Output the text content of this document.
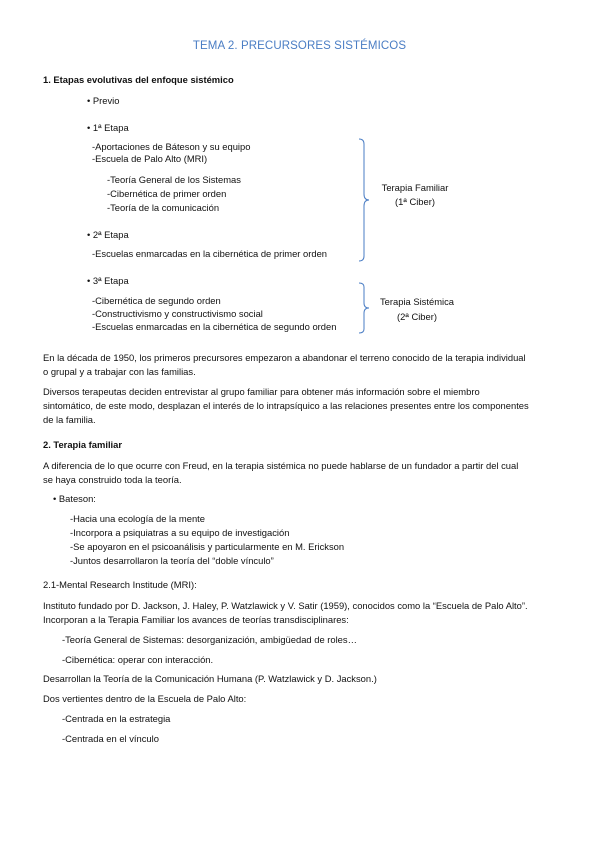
TEMA 2. PRECURSORES SISTÉMICOS
1. Etapas evolutivas del enfoque sistémico
• Previo
• 1ª Etapa
-Aportaciones de Báteson y su equipo
-Escuela de Palo Alto (MRI)
-Teoría General de los Sistemas
-Cibernética de primer orden
-Teoría de la comunicación
• 2ª Etapa
-Escuelas enmarcadas en la cibernética de primer orden
Terapia Familiar
(1ª Ciber)
• 3ª Etapa
-Cibernética de segundo orden
-Constructivismo y constructivismo social
-Escuelas enmarcadas en la cibernética de segundo orden
Terapia Sistémica
(2ª Ciber)
En la década de 1950, los primeros precursores empezaron a abandonar el terreno conocido de la terapia individual
o grupal y a trabajar con las familias.
Diversos terapeutas deciden entrevistar al grupo familiar para obtener más información sobre el miembro
sintomático, de este modo, desplazan el interés de lo intrapsíquico a las relaciones presentes entre los componentes
de la familia.
2. Terapia familiar
A diferencia de lo que ocurre con Freud, en la terapia sistémica no puede hablarse de un fundador a partir del cual
se haya construido toda la teoría.
• Bateson:
-Hacia una ecología de la mente
-Incorpora a psiquiatras a su equipo de investigación
-Se apoyaron en el psicoanálisis y particularmente en M. Erickson
-Juntos desarrollaron la teoría del “doble vínculo”
2.1-Mental Research Institude (MRI):
Instituto fundado por D. Jackson, J. Haley, P. Watzlawick y V. Satir (1959), conocidos como la “Escuela de Palo Alto”.
Incorporan a la Terapia Familiar los avances de teorías transdisciplinares:
-Teoría General de Sistemas: desorganización, ambigüedad de roles…
-Cibernética: operar con interacción.
Desarrollan la Teoría de la Comunicación Humana (P. Watzlawick y D. Jackson.)
Dos vertientes dentro de la Escuela de Palo Alto:
-Centrada en la estrategia
-Centrada en el vínculo
